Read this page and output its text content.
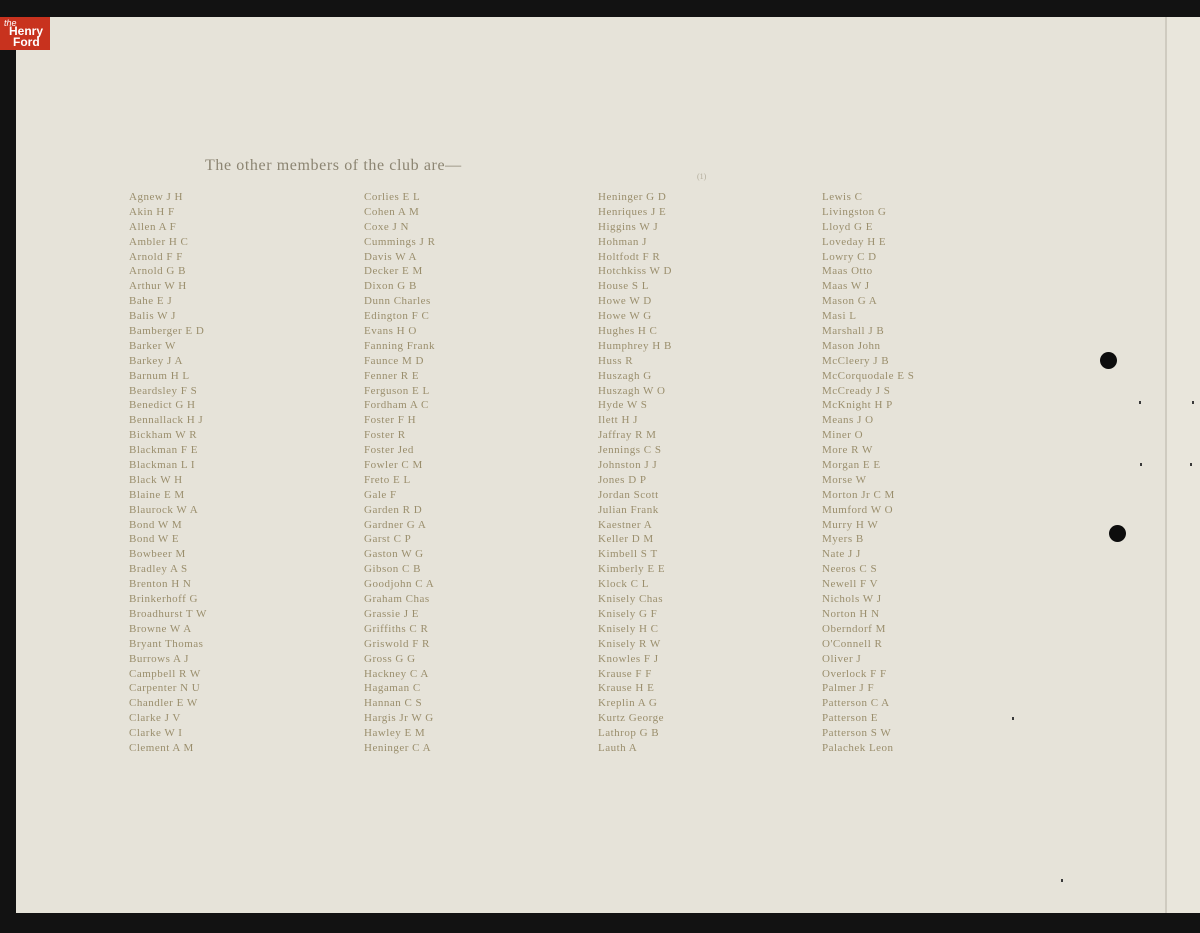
the
Henry
Ford
The other members of the club are—
(1)
Agnew J H
Akin H F
Allen A F
Ambler H C
Arnold F F
Arnold G B
Arthur W H
Bahe E J
Balis W J
Bamberger E D
Barker W
Barkey J A
Barnum H L
Beardsley F S
Benedict G H
Bennallack H J
Bickham W R
Blackman F E
Blackman L I
Black W H
Blaine E M
Blaurock W A
Bond W M
Bond W E
Bowbeer M
Bradley A S
Brenton H N
Brinkerhoff G
Broadhurst T W
Browne W A
Bryant Thomas
Burrows A J
Campbell R W
Carpenter N U
Chandler E W
Clarke J V
Clarke W I
Clement A M
Corlies E L
Cohen A M
Coxe J N
Cummings J R
Davis W A
Decker E M
Dixon G B
Dunn Charles
Edington F C
Evans H O
Fanning Frank
Faunce M D
Fenner R E
Ferguson E L
Fordham A C
Foster F H
Foster R
Foster Jed
Fowler C M
Freto E L
Gale F
Garden R D
Gardner G A
Garst C P
Gaston W G
Gibson C B
Goodjohn C A
Graham Chas
Grassie J E
Griffiths C R
Griswold F R
Gross G G
Hackney C A
Hagaman C
Hannan C S
Hargis Jr W G
Hawley E M
Heninger C A
Heninger G D
Henriques J E
Higgins W J
Hohman J
Holtfodt F R
Hotchkiss W D
House S L
Howe W D
Howe W G
Hughes H C
Humphrey H B
Huss R
Huszagh G
Huszagh W O
Hyde W S
Ilett H J
Jaffray R M
Jennings C S
Johnston J J
Jones D P
Jordan Scott
Julian Frank
Kaestner A
Keller D M
Kimbell S T
Kimberly E E
Klock C L
Knisely Chas
Knisely G F
Knisely H C
Knisely R W
Knowles F J
Krause F F
Krause H E
Kreplin A G
Kurtz George
Lathrop G B
Lauth A
Lewis C
Livingston G
Lloyd G E
Loveday H E
Lowry C D
Maas Otto
Maas W J
Mason G A
Masi L
Marshall J B
Mason John
McCleery J B
McCorquodale E S
McCready J S
McKnight H P
Means J O
Miner O
More R W
Morgan E E
Morse W
Morton Jr C M
Mumford W O
Murry H W
Myers B
Nate J J
Neeros C S
Newell F V
Nichols W J
Norton H N
Oberndorf M
O'Connell R
Oliver J
Overlock F F
Palmer J F
Patterson C A
Patterson E
Patterson S W
Palachek Leon
